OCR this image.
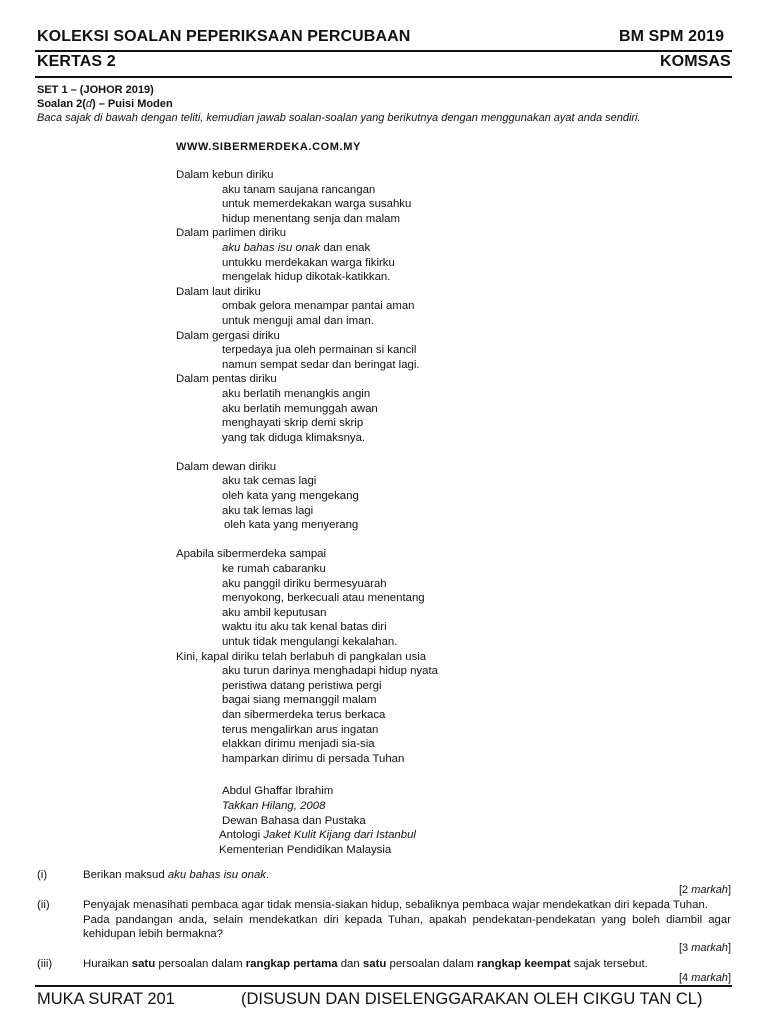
KOLEKSI SOALAN PEPERIKSAAN PERCUBAAN	BM SPM 2019
KERTAS 2	KOMSAS
SET 1 – (JOHOR 2019)
Soalan 2(d) – Puisi Moden
Baca sajak di bawah dengan teliti, kemudian jawab soalan-soalan yang berikutnya dengan menggunakan ayat anda sendiri.
WWW.SIBERMERDEKA.COM.MY
Dalam kebun diriku
aku tanam saujana rancangan
untuk memerdekakan warga susahku
hidup menentang senja dan malam
Dalam parlimen diriku
aku bahas isu onak dan enak
untukku merdekakan warga fikirku
mengelak hidup dikotak-katikkan.
Dalam laut diriku
ombak gelora menampar pantai aman
untuk menguji amal dan iman.
Dalam gergasi diriku
terpedaya jua oleh permainan si kancil
namun sempat sedar dan beringat lagi.
Dalam pentas diriku
aku berlatih menangkis angin
aku berlatih memunggah awan
menghayati skrip demi skrip
yang tak diduga klimaksnya.
Dalam dewan diriku
aku tak cemas lagi
oleh kata yang mengekang
aku tak lemas lagi
oleh kata yang menyerang
Apabila sibermerdeka sampai
ke rumah cabaranku
aku panggil diriku bermesyuarah
menyokong, berkecuali atau menentang
aku ambil keputusan
waktu itu aku tak kenal batas diri
untuk tidak mengulangi kekalahan.
Kini, kapal diriku telah berlabuh di pangkalan usia
aku turun darinya menghadapi hidup nyata
peristiwa datang peristiwa pergi
bagai siang memanggil malam
dan sibermerdeka terus berkaca
terus mengalirkan arus ingatan
elakkan dirimu menjadi sia-sia
hamparkan dirimu di persada Tuhan
Abdul Ghaffar Ibrahim
Takkan Hilang, 2008
Dewan Bahasa dan Pustaka
Antologi Jaket Kulit Kijang dari Istanbul
Kementerian Pendidikan Malaysia
(i)	Berikan maksud aku bahas isu onak.
[2 markah]
(ii)	Penyajak menasihati pembaca agar tidak mensia-siakan hidup, sebaliknya pembaca wajar mendekatkan diri kepada Tuhan.
Pada pandangan anda, selain mendekatkan diri kepada Tuhan, apakah pendekatan-pendekatan yang boleh diambil agar
kehidupan lebih bermakna?
[3 markah]
(iii)	Huraikan satu persoalan dalam rangkap pertama dan satu persoalan dalam rangkap keempat sajak tersebut.
[4 markah]
MUKA SURAT 201	(DISUSUN DAN DISELENGGARAKAN OLEH CIKGU TAN CL)
